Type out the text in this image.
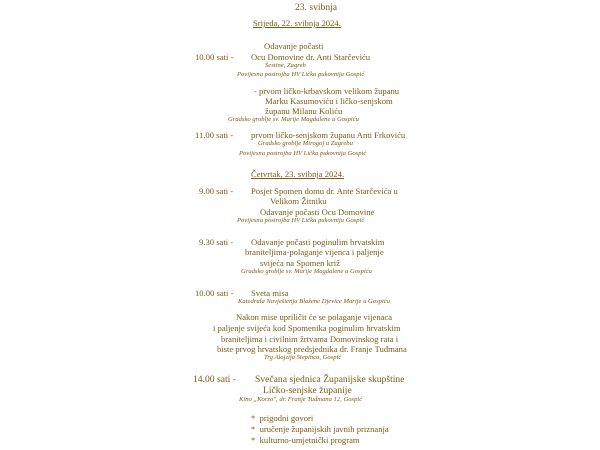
23. svibnja
Srijeda, 22. svibnja 2024.
Odavanje počasti
10.00 sati - Ocu Domovine dr. Anti Starčeviću
Šestine, Zagreb
Povijesna postrojba HV Lička pukovnija Gospić
- prvom ličko-krbavskom velikom županu
Marku Kasumoviću i ličko-senjskom
županu Milanu Koliću
Gradsko groblje sv. Marije Magdalene u Gospiću
11.00 sati - prvom ličko-senjskom županu Anti Frkoviću
Gradsko groblje Mirogoj u Zagrebu
Povijesna postrojba HV Lička pukovnija Gospić
Četvrtak, 23. svibnja 2024.
9.00 sati - Posjet Spomen domu dr. Ante Starčevića u
Velikom Žitniku
Odavanje počasti Ocu Domovine
Povijesna postrojba HV Lička pukovnija Gospić
9.30 sati - Odavanje počasti poginulim hrvatskim
braniteljima-polaganje vijenca i paljenje
svijeća na Spomen križ
Gradsko groblje sv. Marije Magdalene u Gospiću
10.00 sati - Sveta misa
Katedrala Navještenja Blažene Djevice Marije u Gospiću
Nakon mise upriličit će se polaganje vijenaca
i paljenje svijeća kod Spomenika poginulim hrvatskim
braniteljima i civilnim žrtvama Domovinskog rata i
biste prvog hrvatskog predsjednika dr. Franje Tuđmana
Trg Alojzija Stepinca, Gospić
14.00 sati - Svečana sjednica Županijske skupštine
Ličko-senjske županije
Kino „Korzo", dr. Franje Tuđmana 12, Gospić
*  prigodni govori
*  uručenje županijskih javnih priznanja
*  kulturno-umjetnički program
